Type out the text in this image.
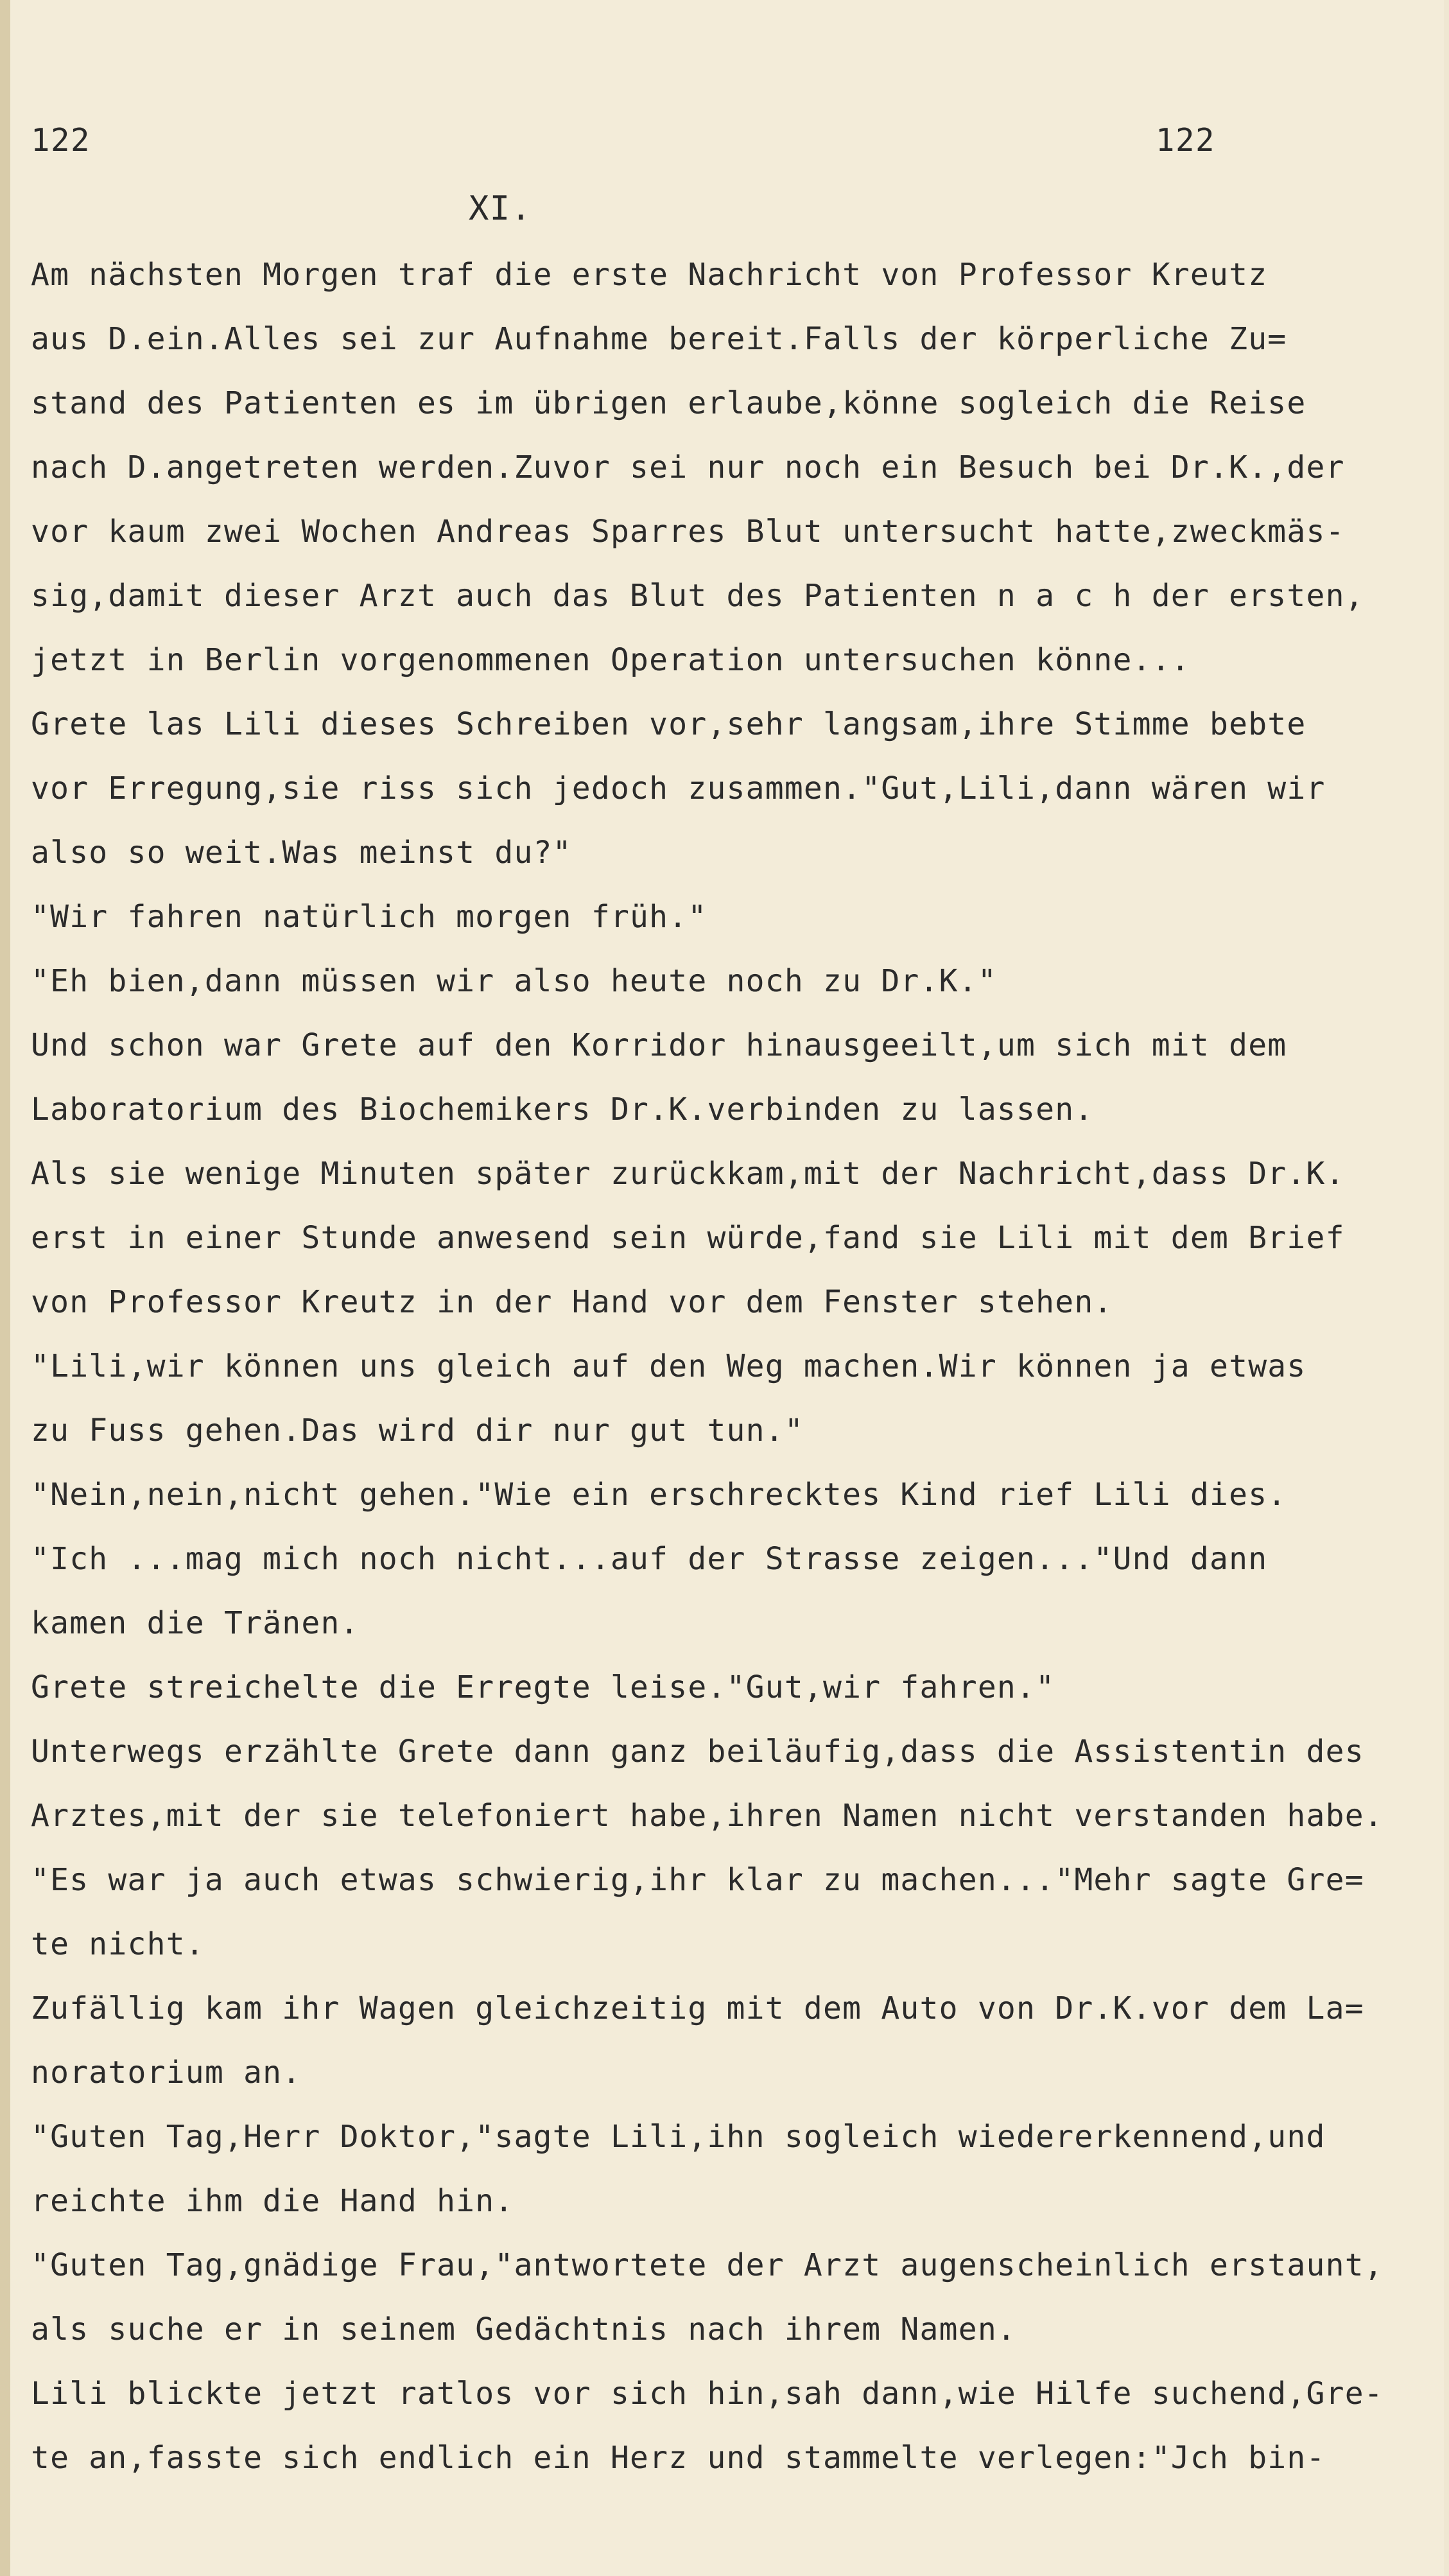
122	122
XI.
Am nächsten Morgen traf die erste Nachricht von Professor Kreutz
aus D.ein.Alles sei zur Aufnahme bereit.Falls der körperliche Zu=
stand des Patienten es im übrigen erlaube,könne sogleich die Reise
nach D.angetreten werden.Zuvor sei nur noch ein Besuch bei Dr.K.,der
vor kaum zwei Wochen Andreas Sparres Blut untersucht hatte,zweckmäs-
sig,damit dieser Arzt auch das Blut des Patienten n a c h der ersten,
jetzt in Berlin vorgenommenen Operation untersuchen könne...
Grete las Lili dieses Schreiben vor,sehr langsam,ihre Stimme bebte
vor Erregung,sie riss sich jedoch zusammen."Gut,Lili,dann wären wir
also so weit.Was meinst du?"
"Wir fahren natürlich morgen früh."
"Eh bien,dann müssen wir also heute noch zu Dr.K."
Und schon war Grete auf den Korridor hinausgeeilt,um sich mit dem
Laboratorium des Biochemikers Dr.K.verbinden zu lassen.
Als sie wenige Minuten später zurückkam,mit der Nachricht,dass Dr.K.
erst in einer Stunde anwesend sein würde,fand sie Lili mit dem Brief
von Professor Kreutz in der Hand vor dem Fenster stehen.
"Lili,wir können uns gleich auf den Weg machen.Wir können ja etwas
zu Fuss gehen.Das wird dir nur gut tun."
"Nein,nein,nicht gehen."Wie ein erschrecktes Kind rief Lili dies.
"Ich ...mag mich noch nicht...auf der Strasse zeigen..."Und dann
kamen die Tränen.
Grete streichelte die Erregte leise."Gut,wir fahren."
Unterwegs erzählte Grete dann ganz beiläufig,dass die Assistentin des
Arztes,mit der sie telefoniert habe,ihren Namen nicht verstanden habe.
"Es war ja auch etwas schwierig,ihr klar zu machen..."Mehr sagte Gre=
te nicht.
Zufällig kam ihr Wagen gleichzeitig mit dem Auto von Dr.K.vor dem La=
noratorium an.
"Guten Tag,Herr Doktor,"sagte Lili,ihn sogleich wiedererkennend,und
reichte ihm die Hand hin.
"Guten Tag,gnädige Frau,"antwortete der Arzt augenscheinlich erstaunt,
als suche er in seinem Gedächtnis nach ihrem Namen.
Lili blickte jetzt ratlos vor sich hin,sah dann,wie Hilfe suchend,Gre-
te an,fasste sich endlich ein Herz und stammelte verlegen:"Jch bin-
